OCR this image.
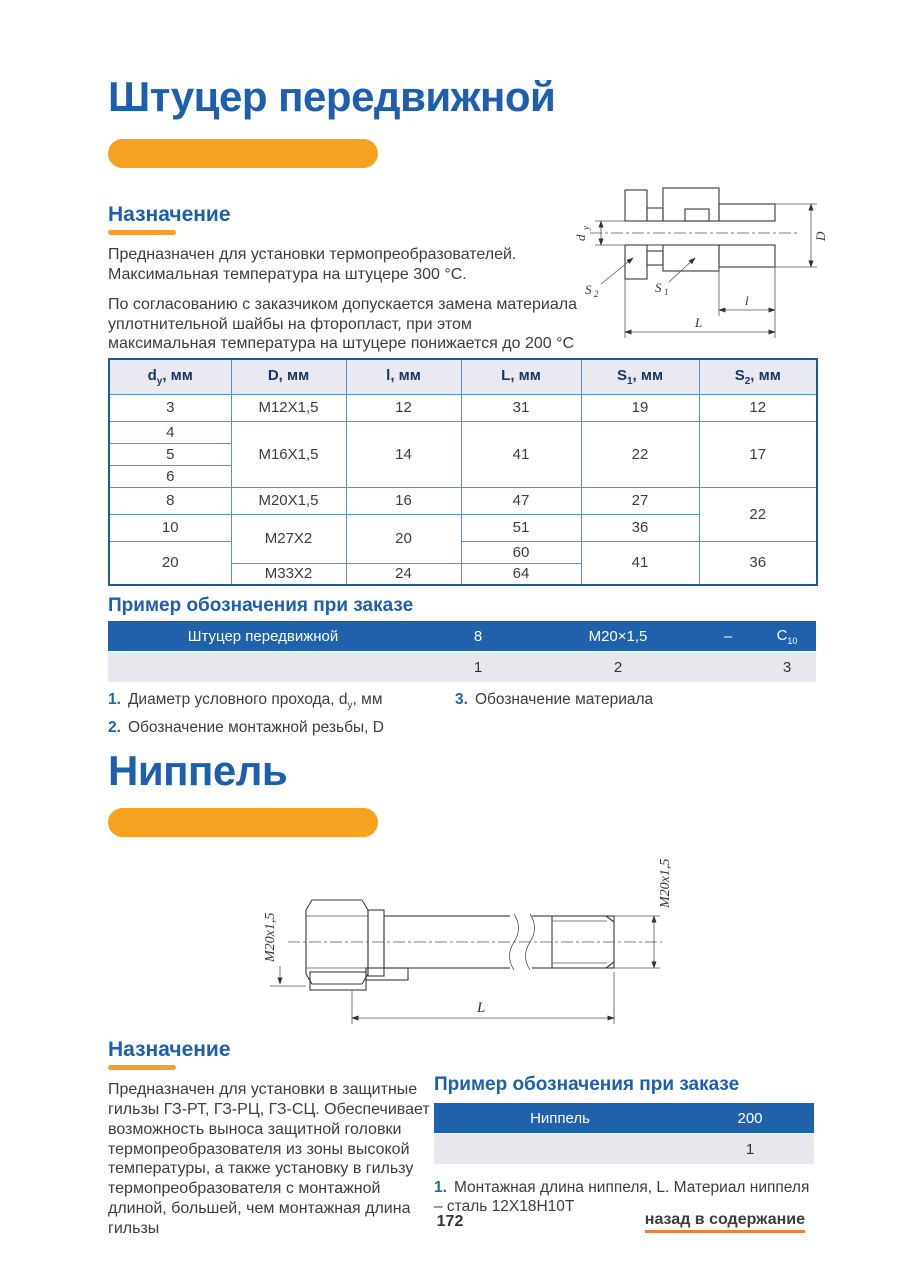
Штуцер передвижной
Назначение

Предназначен для установки термопреобразователей. Максимальная температура на штуцере 300 °C.

По согласованию с заказчиком допускается замена материала уплотнительной шайбы на фторопласт, при этом максимальная температура на штуцере понижается до 200 °C

d
y
D
S 2	S 1
l
L
$d_у$, мм	D, мм	l, мм	L, мм	$S_1$, мм	$S_2$, мм
3	M12X1,5	12	31	19	12
4	M16X1,5	14	41	22	17
5					
6					
8	M20X1,5	16	47	27	22
10	M27X2	20	51	36	
20			60	41	36
	M33X2	24	64		
Пример обозначения при заказе
Штуцер передвижной	8	M20×1,5	–	$C_{10}$
1	2	3
1. Диаметр условного прохода, $d_у$, мм
2. Обозначение монтажной резьбы, D
3. Обозначение материала
Ниппель
M20x1,5
M20x1,5
L
Назначение

Предназначен для установки в защитные гильзы ГЗ-РТ, ГЗ-РЦ, ГЗ-СЦ. Обеспечивает возможность выноса защитной головки термопреобразователя из зоны высокой температуры, а также установку в гильзу термопреобразователя с монтажной длиной, большей, чем монтажная длина гильзы

Пример обозначения при заказе
Ниппель	200
1
1. Монтажная длина ниппеля, L. Материал ниппеля – сталь 12X18H10T
172	назад в содержание
